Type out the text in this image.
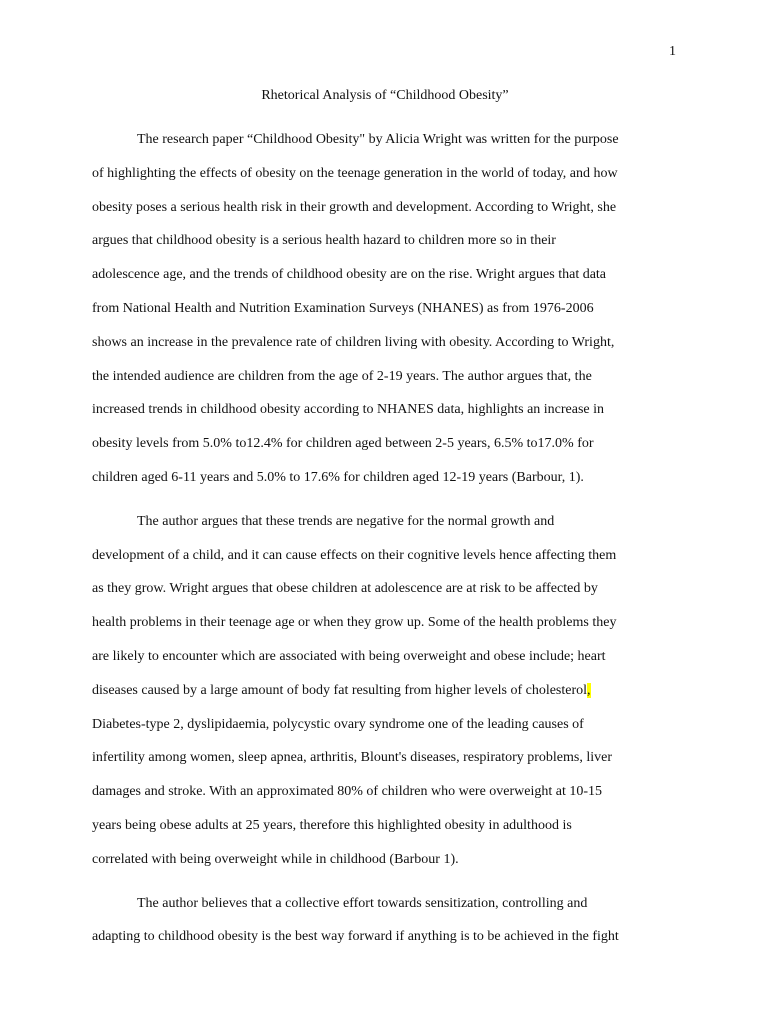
1
Rhetorical Analysis of “Childhood Obesity”
The research paper “Childhood Obesity" by Alicia Wright was written for the purpose
of highlighting the effects of obesity on the teenage generation in the world of today, and how
obesity poses a serious health risk in their growth and development. According to Wright, she
argues that childhood obesity is a serious health hazard to children more so in their
adolescence age, and the trends of childhood obesity are on the rise. Wright argues that data
from National Health and Nutrition Examination Surveys (NHANES) as from 1976-2006
shows an increase in the prevalence rate of children living with obesity. According to Wright,
the intended audience are children from the age of 2-19 years. The author argues that, the
increased trends in childhood obesity according to NHANES data, highlights an increase in
obesity levels from 5.0% to12.4% for children aged between 2-5 years, 6.5% to17.0% for
children aged 6-11 years and 5.0% to 17.6% for children aged 12-19 years (Barbour, 1).
The author argues that these trends are negative for the normal growth and
development of a child, and it can cause effects on their cognitive levels hence affecting them
as they grow. Wright argues that obese children at adolescence are at risk to be affected by
health problems in their teenage age or when they grow up. Some of the health problems they
are likely to encounter which are associated with being overweight and obese include; heart
diseases caused by a large amount of body fat resulting from higher levels of cholesterol,
Diabetes-type 2, dyslipidaemia, polycystic ovary syndrome one of the leading causes of
infertility among women, sleep apnea, arthritis, Blount's diseases, respiratory problems, liver
damages and stroke. With an approximated 80% of children who were overweight at 10-15
years being obese adults at 25 years, therefore this highlighted obesity in adulthood is
correlated with being overweight while in childhood (Barbour 1).
The author believes that a collective effort towards sensitization, controlling and
adapting to childhood obesity is the best way forward if anything is to be achieved in the fight
